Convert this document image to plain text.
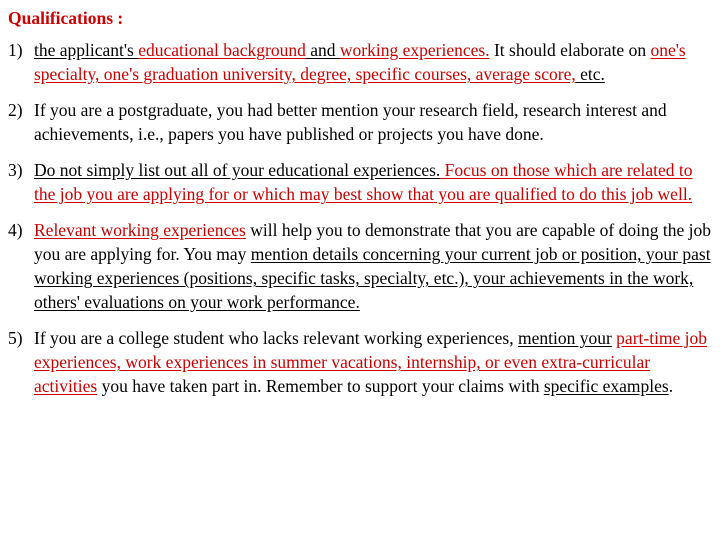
Qualifications :
1) the applicant's educational background and working experiences. It should elaborate on one's specialty, one's graduation university, degree, specific courses, average score, etc.
2) If you are a postgraduate, you had better mention your research field, research interest and achievements, i.e., papers you have published or projects you have done.
3) Do not simply list out all of your educational experiences. Focus on those which are related to the job you are applying for or which may best show that you are qualified to do this job well.
4) Relevant working experiences will help you to demonstrate that you are capable of doing the job you are applying for. You may mention details concerning your current job or position, your past working experiences (positions, specific tasks, specialty, etc.), your achievements in the work, others' evaluations on your work performance.
5) If you are a college student who lacks relevant working experiences, mention your part-time job experiences, work experiences in summer vacations, internship, or even extra-curricular activities you have taken part in. Remember to support your claims with specific examples.
